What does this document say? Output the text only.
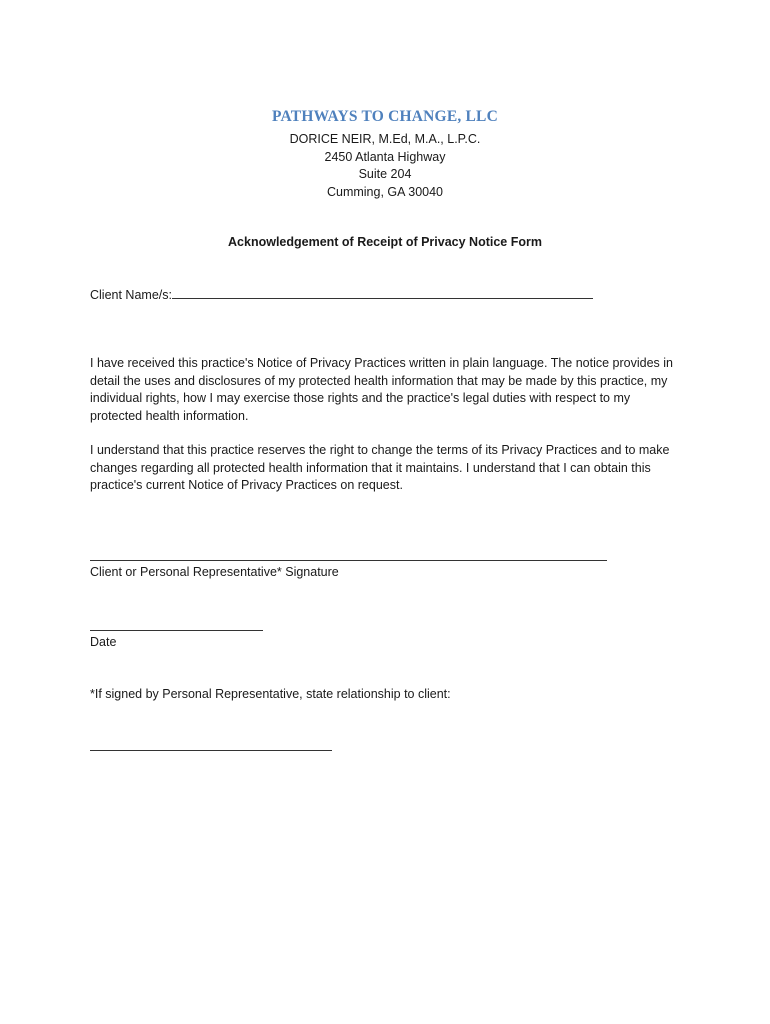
PATHWAYS TO CHANGE, LLC
DORICE NEIR, M.Ed, M.A., L.P.C.
2450 Atlanta Highway
Suite 204
Cumming, GA 30040
Acknowledgement of Receipt of Privacy Notice Form
Client Name/s:

I have received this practice's Notice of Privacy Practices written in plain language. The notice provides in detail the uses and disclosures of my protected health information that may be made by this practice, my individual rights, how I may exercise those rights and the practice's legal duties with respect to my protected health information.

I understand that this practice reserves the right to change the terms of its Privacy Practices and to make changes regarding all protected health information that it maintains. I understand that I can obtain this practice's current Notice of Privacy Practices on request.

Client or Personal Representative* Signature
Date
*If signed by Personal Representative, state relationship to client:
